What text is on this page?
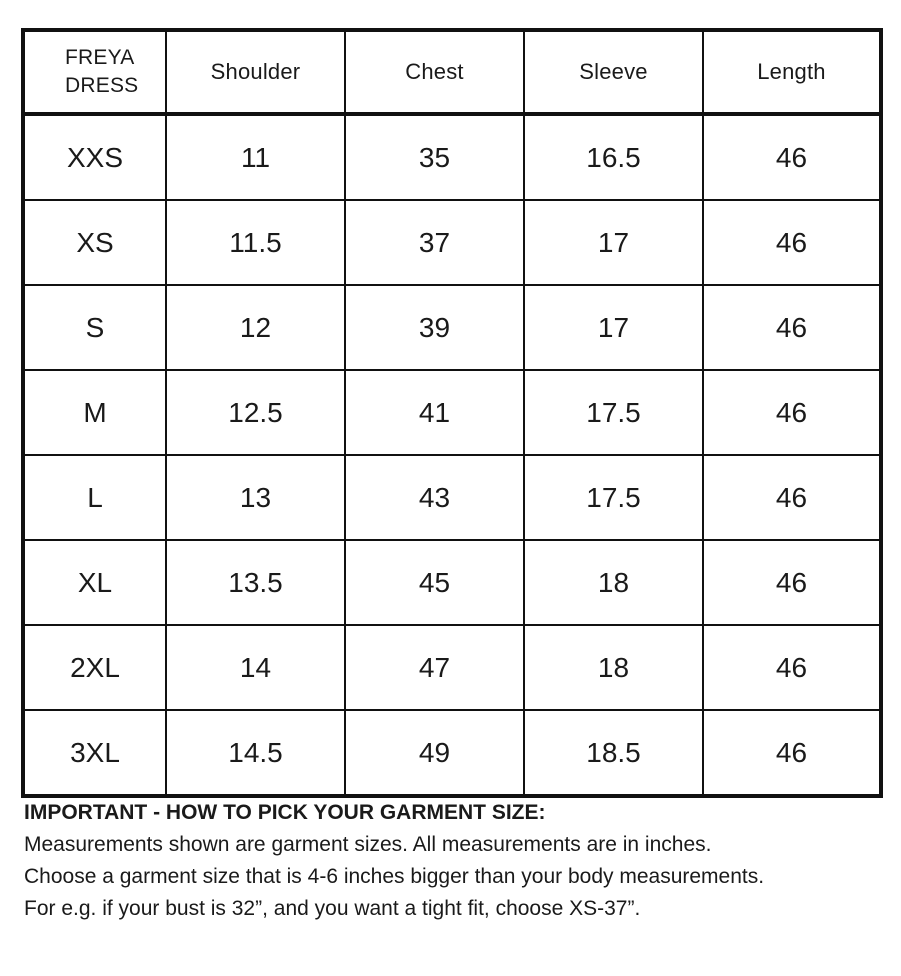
FREYA
DRESS	Shoulder	Chest	Sleeve	Length
XXS	11	35	16.5	46
XS	11.5	37	17	46
S	12	39	17	46
M	12.5	41	17.5	46
L	13	43	17.5	46
XL	13.5	45	18	46
2XL	14	47	18	46
3XL	14.5	49	18.5	46
IMPORTANT - HOW TO PICK YOUR GARMENT SIZE:
Measurements shown are garment sizes. All measurements are in inches.
Choose a garment size that is 4-6 inches bigger than your body measurements.
For e.g. if your bust is 32”, and you want a tight fit, choose XS-37”.
